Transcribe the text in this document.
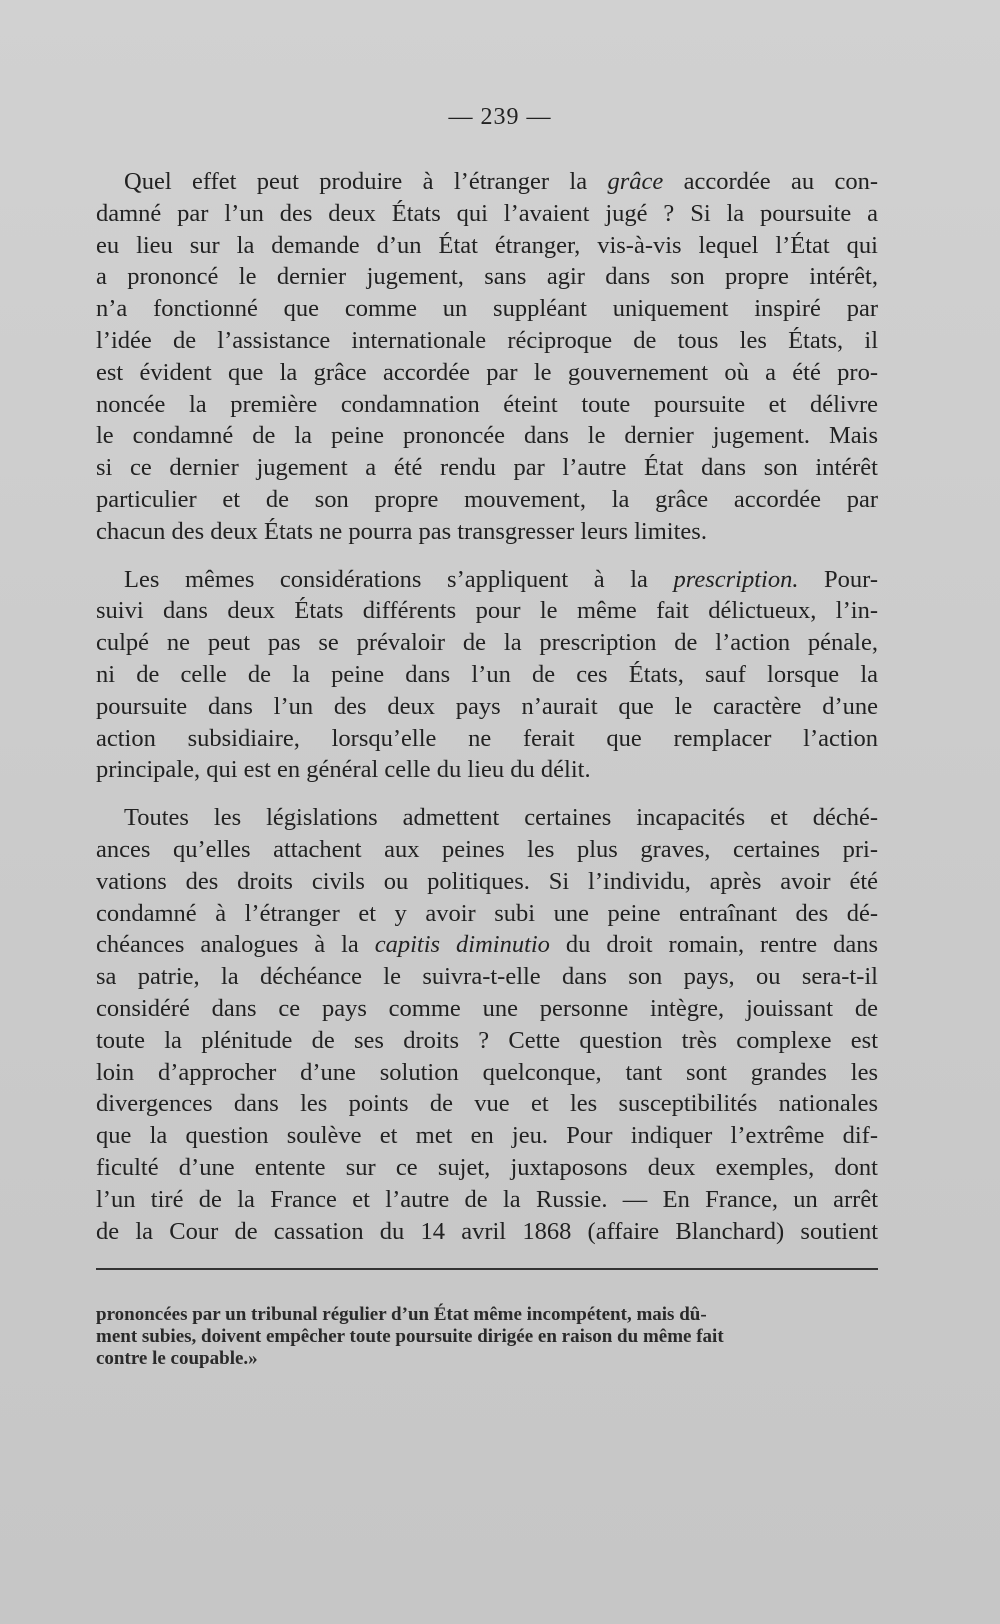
— 239 —
Quel effet peut produire à l’étranger la grâce accordée au con-
damné par l’un des deux États qui l’avaient jugé ? Si la poursuite a
eu lieu sur la demande d’un État étranger, vis-à-vis lequel l’État qui
a prononcé le dernier jugement, sans agir dans son propre intérêt,
n’a fonctionné que comme un suppléant uniquement inspiré par
l’idée de l’assistance internationale réciproque de tous les États, il
est évident que la grâce accordée par le gouvernement où a été pro-
noncée la première condamnation éteint toute poursuite et délivre
le condamné de la peine prononcée dans le dernier jugement. Mais
si ce dernier jugement a été rendu par l’autre État dans son intérêt
particulier et de son propre mouvement, la grâce accordée par
chacun des deux États ne pourra pas transgresser leurs limites.
Les mêmes considérations s’appliquent à la prescription. Pour-
suivi dans deux États différents pour le même fait délictueux, l’in-
culpé ne peut pas se prévaloir de la prescription de l’action pénale,
ni de celle de la peine dans l’un de ces États, sauf lorsque la
poursuite dans l’un des deux pays n’aurait que le caractère d’une
action subsidiaire, lorsqu’elle ne ferait que remplacer l’action
principale, qui est en général celle du lieu du délit.
Toutes les législations admettent certaines incapacités et déché-
ances qu’elles attachent aux peines les plus graves, certaines pri-
vations des droits civils ou politiques. Si l’individu, après avoir été
condamné à l’étranger et y avoir subi une peine entraînant des dé-
chéances analogues à la capitis diminutio du droit romain, rentre dans
sa patrie, la déchéance le suivra-t-elle dans son pays, ou sera-t-il
considéré dans ce pays comme une personne intègre, jouissant de
toute la plénitude de ses droits ? Cette question très complexe est
loin d’approcher d’une solution quelconque, tant sont grandes les
divergences dans les points de vue et les susceptibilités nationales
que la question soulève et met en jeu. Pour indiquer l’extrême dif-
ficulté d’une entente sur ce sujet, juxtaposons deux exemples, dont
l’un tiré de la France et l’autre de la Russie. — En France, un arrêt
de la Cour de cassation du 14 avril 1868 (affaire Blanchard) soutient
prononcées par un tribunal régulier d’un État même incompétent, mais dû-
ment subies, doivent empêcher toute poursuite dirigée en raison du même fait
contre le coupable.»
